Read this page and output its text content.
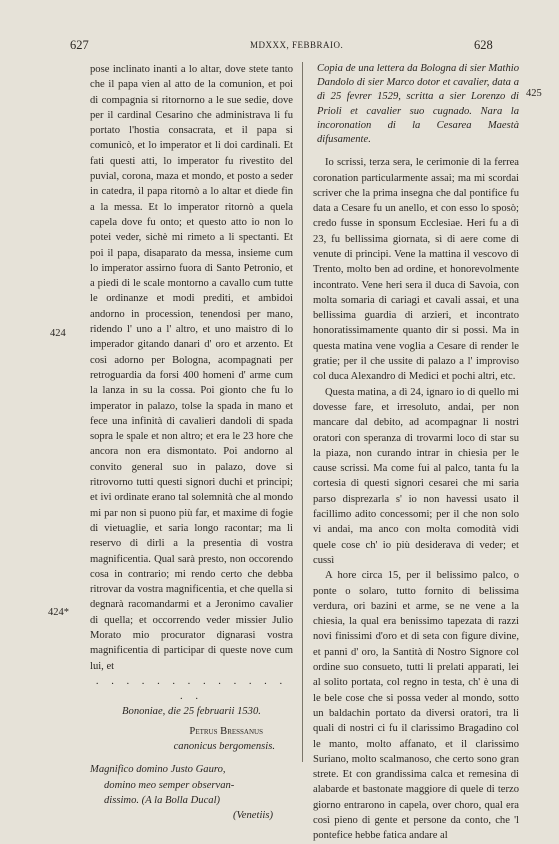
627	MDXXX, FEBBRAIO.	628
424
424*
425

pose inclinato inanti a lo altar, dove stete tanto che il papa vien al atto de la comunion, et poi di compagnia si ritornorno a le sue sedie, dove per il cardinal Cesarino che administrava li fu portato l'hostia consacrata, et il papa si comunicò, et lo imperator et li doi cardinali. Et fati questi atti, lo imperator fu rivestito del puvial, corona, maza et mondo, et posto a seder in catedra, il papa ritornò a lo altar et diede fin a la messa. Et lo imperator ritornò a quela capela dove fu onto; et questo atto io non lo potei veder, sichè mi rimeto a li spectanti. Et poi il papa, disaparato da messa, insieme cum lo imperator assirno fuora di Santo Petronio, et a piedi di le scale montorno a cavallo cum tutte le ordinanze et modi prediti, et ambidoi andorno in procession, tenendosi per mano, ridendo l' uno a l' altro, et uno maistro di lo imperador gitando danari d' oro et arzento. Et così adorno per Bologna, acompagnati per retroguardia da forsi 400 homeni d' arme cum la lanza in su la cossa. Poi gionto che fu lo imperator in palazo, tolse la spada in mano et fece una infinità di cavalieri dandoli di spada sopra le spale et non altro; et era le 23 hore che ancora non era dismontato. Poi andorno al convito general suo in palazo, dove si ritrovorno tutti questi signori duchi et principi; et ivi ordinate erano tal solemnità che al mondo mi par non si puono più far, et maxime di fogie di vietuaglie, et saria longo racontar; ma li reservo di dirli a la presentia di vostra magnificentia. Qual sarà presto, non occorendo cosa in contrario; mi rendo certo che debba ritrovar da vostra magnificentia, et che quella si degnarà racomandarmi et a Jeronimo cavalier di quella; et occorrendo veder missier Julio Morato mio procurator dignarasi vostra magnificentia di participar di queste nove cum lui, et

. . . . . . . . . . . . . . .

Bononiae, die 25 februarii 1530.

Petrus Bressanus

canonicus bergomensis.

Magnifico domino Justo Gauro,

domino meo semper observan-

dissimo. (A la Bolla Ducal)

(Venetiis)

Copia de una lettera da Bologna di sier Mathio Dandolo di sier Marco dotor et cavalier, data a dì 25 fevrer 1529, scritta a sier Lorenzo di Prioli et cavalier suo cugnado. Nara la incoronation di la Cesarea Maestà difusamente.

Io scrissi, terza sera, le cerimonie di la ferrea coronation particularmente assai; ma mi scordai scriver che la prima insegna che dal pontifice fu data a Cesare fu un anello, et con esso lo sposò; credo fusse in sponsum Ecclesiae. Heri fu a dì 23, fu bellissima giornata, sì di aere come di venute di principi. Vene la mattina il vescovo di Trento, molto ben ad ordine, et honorevolmente incontrato. Vene heri sera il duca di Savoia, con molta somaria di cariagi et cavali assai, et una bellissima guardia di arzieri, et incontrato honoratissimamente quanto dir si possi. Ma in questa matina vene voglia a Cesare di render le gratie; per il che ussite di palazo a l' improviso col duca Alexandro di Medici et pochi altri, etc.

Questa matina, a dì 24, ignaro io di quello mi dovesse fare, et irresoluto, andai, per non mancare dal debito, ad acompagnar li nostri oratori con speranza di trovarmi loco di star su la piaza, non curando intrar in chiesia per le cause scrissi. Ma come fui al palco, tanta fu la cortesia di questi signori cesarei che mi saria parso disprezarla s' io non havessi usato il facillimo adito concessomi; per il che non solo vi andai, ma anco con molta comodità vidi quele cose ch' io più desiderava di veder; et cussì

A hore circa 15, per il belissimo palco, o ponte o solaro, tutto fornito di belissima verdura, ori bazini et arme, se ne vene a la chiesia, la qual era benissimo tapezata di razzi novi finissimi d'oro et di seta con figure divine, et panni d' oro, la Santità di Nostro Signore col ordine suo consueto, tutti li prelati apparati, lei al solito portata, col regno in testa, ch' è una di le bele cose che si possa veder al mondo, sotto un baldachin portato da diversi oratori, tra li quali di nostri ci fu il clarissimo Bragadino col le manto, molto affanato, et il clarissimo Suriano, molto scalmanoso, che certo sono gran strete. Et con grandissima calca et remesina di alabarde et bastonate maggiore di quele di terzo giorno entrarono in capela, over choro, qual era così pieno di gente et persone da conto, che 'l pontefice hebbe fatica andare al
